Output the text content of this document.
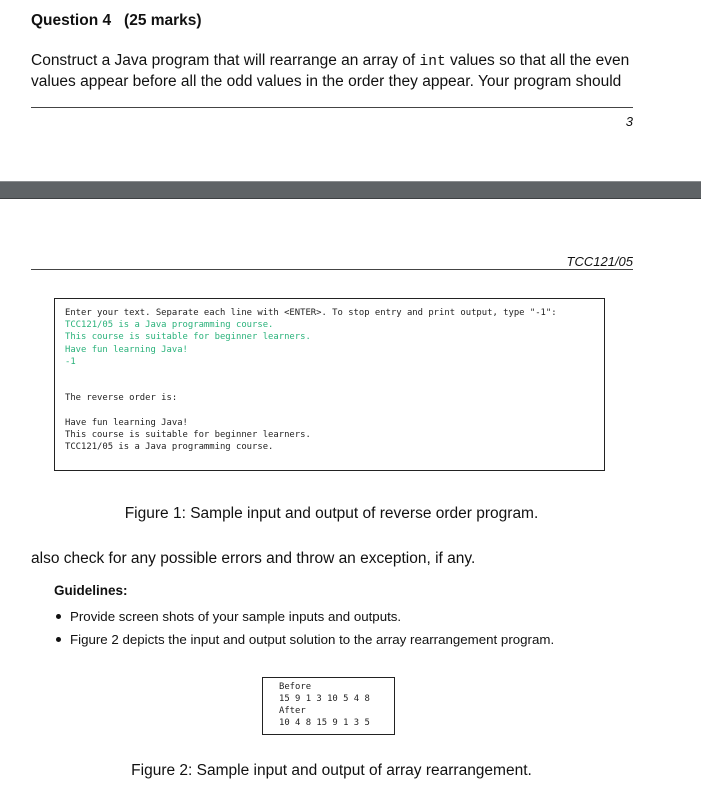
Question 4 (25 marks)
Construct a Java program that will rearrange an array of int values so that all the even values appear before all the odd values in the order they appear. Your program should
3
TCC121/05
Enter your text. Separate each line with <ENTER>. To stop entry and print output, type "-1":
TCC121/05 is a Java programming course.
This course is suitable for beginner learners.
Have fun learning Java!
-1
The reverse order is:
Have fun learning Java!
This course is suitable for beginner learners.
TCC121/05 is a Java programming course.
Figure 1: Sample input and output of reverse order program.
also check for any possible errors and throw an exception, if any.
Guidelines:
Provide screen shots of your sample inputs and outputs.
Figure 2 depicts the input and output solution to the array rearrangement program.
Before
15 9 1 3 10 5 4 8
After
10 4 8 15 9 1 3 5
Figure 2: Sample input and output of array rearrangement.
